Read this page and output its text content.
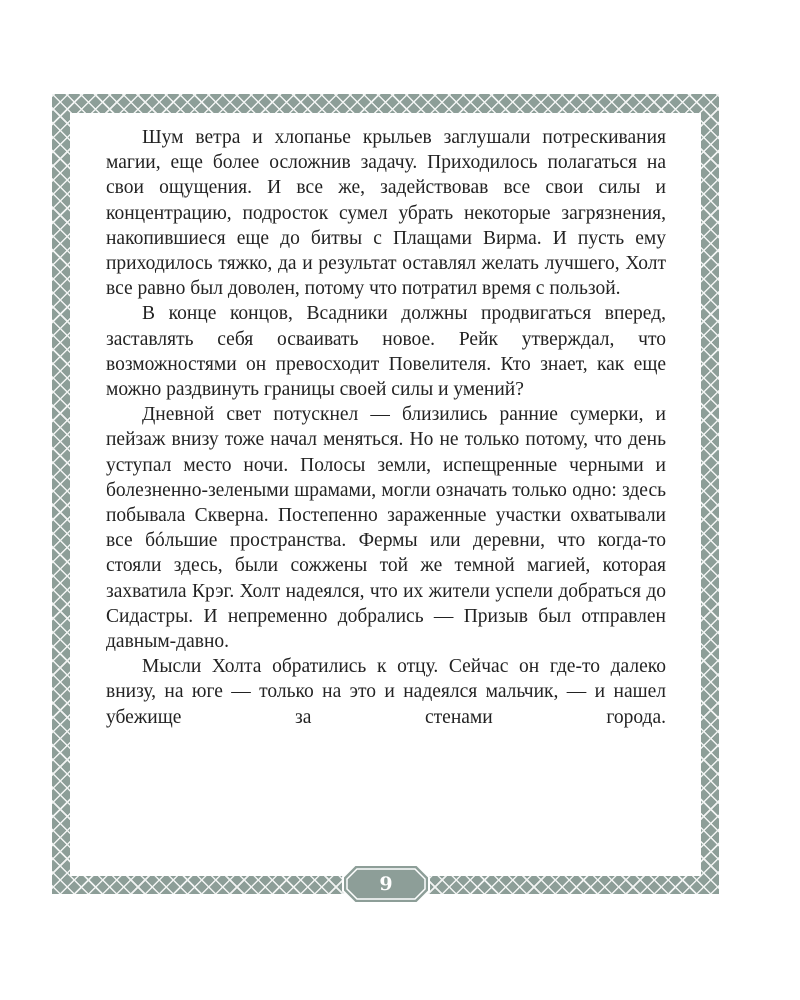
Шум ветра и хлопанье крыльев заглушали потрескивания магии, еще более осложнив задачу. Приходилось полагаться на свои ощущения. И все же, задействовав все свои силы и концентрацию, подросток сумел убрать некоторые загрязнения, накопившиеся еще до битвы с Плащами Вирма. И пусть ему приходилось тяжко, да и результат оставлял желать лучшего, Холт все равно был доволен, потому что потратил время с пользой.

В конце концов, Всадники должны продвигаться вперед, заставлять себя осваивать новое. Рейк утверждал, что возможностями он превосходит Повелителя. Кто знает, как еще можно раздвинуть границы своей силы и умений?

Дневной свет потускнел — близились ранние сумерки, и пейзаж внизу тоже начал меняться. Но не только потому, что день уступал место ночи. Полосы земли, испещренные черными и болезненно-зелеными шрамами, могли означать только одно: здесь побывала Скверна. Постепенно зараженные участки охватывали все бóльшие пространства. Фермы или деревни, что когда-то стояли здесь, были сожжены той же темной магией, которая захватила Крэг. Холт надеялся, что их жители успели добраться до Сидастры. И непременно добрались — Призыв был отправлен давным-давно.

Мысли Холта обратились к отцу. Сейчас он где-то далеко внизу, на юге — только на это и надеялся мальчик, — и нашел убежище за стенами города.

9
